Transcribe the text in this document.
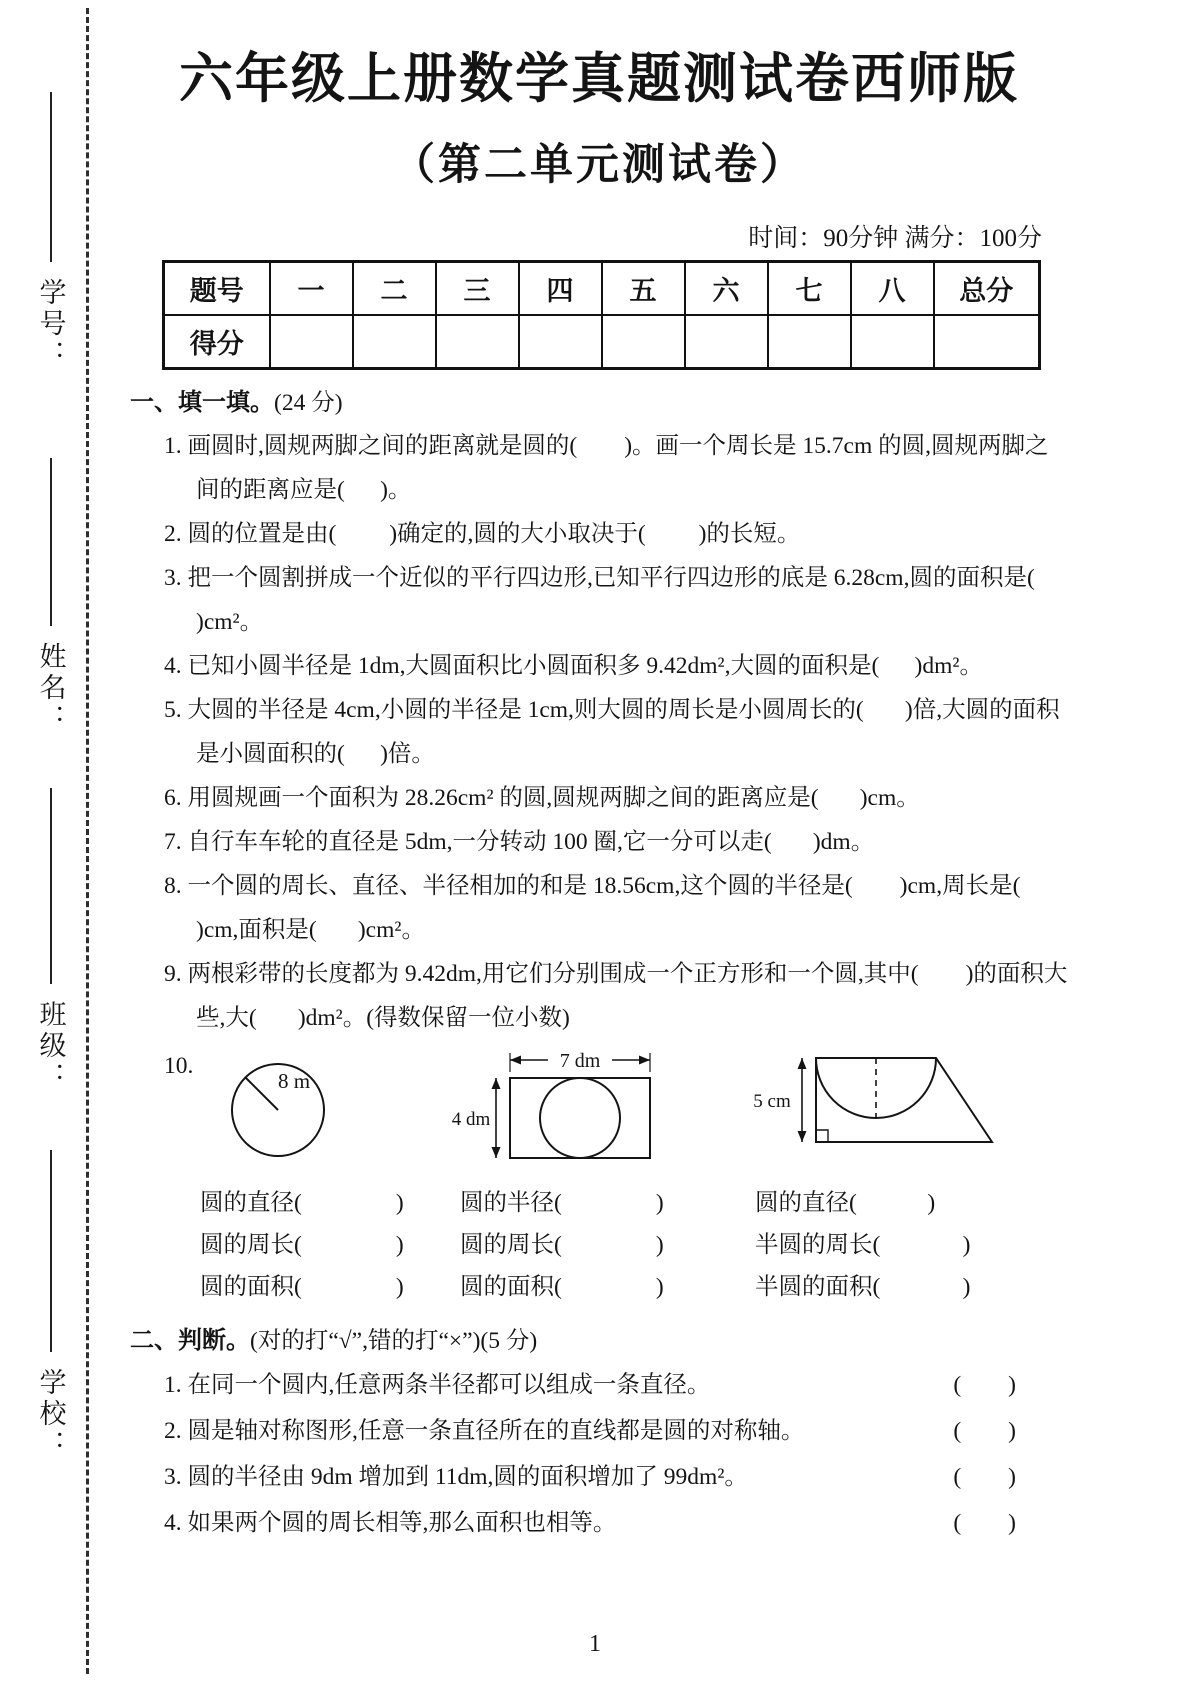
学号：
姓名：
班级：
学校：
六年级上册数学真题测试卷西师版
（第二单元测试卷）
时间：90分钟 满分：100分
题号	一	二	三	四	五	六	七	八	总分
得分									
一、填一填。(24 分)
1. 画圆时,圆规两脚之间的距离就是圆的(        )。画一个周长是 15.7cm 的圆,圆规两脚之间的距离应是(      )。
2. 圆的位置是由(         )确定的,圆的大小取决于(         )的长短。
3. 把一个圆割拼成一个近似的平行四边形,已知平行四边形的底是 6.28cm,圆的面积是(         )cm²。
4. 已知小圆半径是 1dm,大圆面积比小圆面积多 9.42dm²,大圆的面积是(      )dm²。
5. 大圆的半径是 4cm,小圆的半径是 1cm,则大圆的周长是小圆周长的(       )倍,大圆的面积是小圆面积的(      )倍。
6. 用圆规画一个面积为 28.26cm² 的圆,圆规两脚之间的距离应是(       )cm。
7. 自行车车轮的直径是 5dm,一分转动 100 圈,它一分可以走(       )dm。
8. 一个圆的周长、直径、半径相加的和是 18.56cm,这个圆的半径是(        )cm,周长是(       )cm,面积是(       )cm²。
9. 两根彩带的长度都为 9.42dm,用它们分别围成一个正方形和一个圆,其中(        )的面积大些,大(       )dm²。(得数保留一位小数)
10.
8 m
7 dm
4 dm
5 cm
圆的直径(                )
圆的周长(                )
圆的面积(                )
圆的半径(                )
圆的周长(                )
圆的面积(                )
圆的直径(            )
半圆的周长(              )
半圆的面积(              )
二、判断。(对的打“√”,错的打“×”)(5 分)
1. 在同一个圆内,任意两条半径都可以组成一条直径。	(        )
2. 圆是轴对称图形,任意一条直径所在的直线都是圆的对称轴。	(        )
3. 圆的半径由 9dm 增加到 11dm,圆的面积增加了 99dm²。	(        )
4. 如果两个圆的周长相等,那么面积也相等。	(        )
1
